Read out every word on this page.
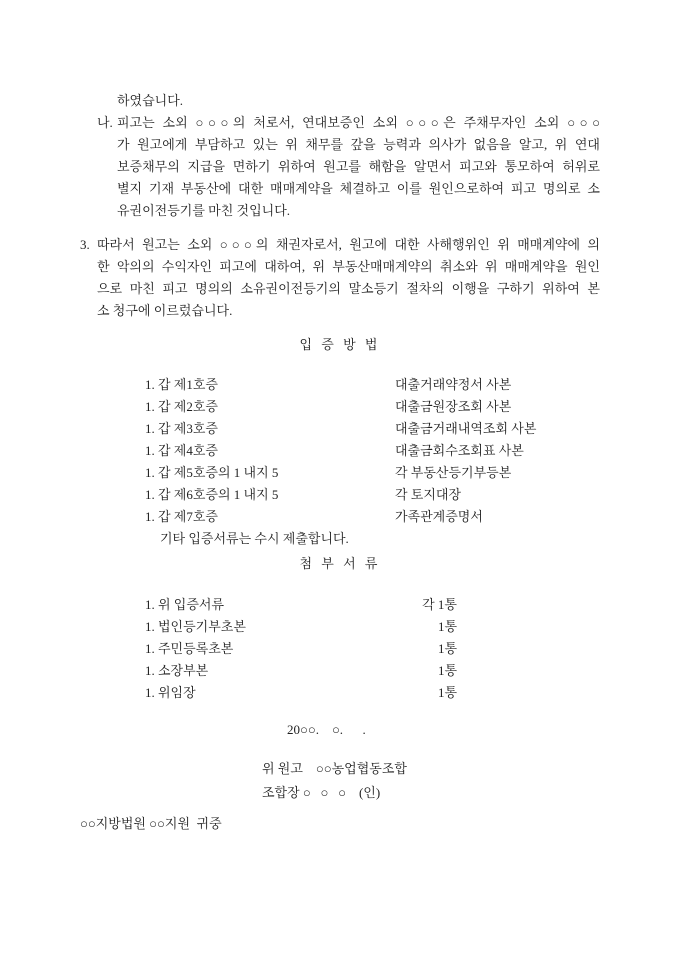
하였습니다.
나. 피고는 소외 ○○○의 처로서, 연대보증인 소외 ○○○은 주채무자인 소외 ○○○
가 원고에게 부담하고 있는 위 채무를 갚을 능력과 의사가 없음을 알고, 위 연대
보증채무의 지급을 면하기 위하여 원고를 해함을 알면서 피고와 통모하여 허위로
별지 기재 부동산에 대한 매매계약을 체결하고 이를 원인으로하여 피고 명의로 소
유권이전등기를 마친 것입니다.
3. 따라서 원고는 소외 ○○○의 채권자로서, 원고에 대한 사해행위인 위 매매계약에 의
한 악의의 수익자인 피고에 대하여, 위 부동산매매계약의 취소와 위 매매계약을 원인
으로 마친 피고 명의의 소유권이전등기의 말소등기 절차의 이행을 구하기 위하여 본
소 청구에 이르렀습니다.
입 증 방 법
1. 갑 제1호증	대출거래약정서 사본
1. 갑 제2호증	대출금원장조회 사본
1. 갑 제3호증	대출금거래내역조회 사본
1. 갑 제4호증	대출금회수조회표 사본
1. 갑 제5호증의 1 내지 5	각 부동산등기부등본
1. 갑 제6호증의 1 내지 5	각 토지대장
1. 갑 제7호증	가족관계증명서
기타 입증서류는 수시 제출합니다.
첨 부 서 류
1. 위 입증서류	각 1통
1. 법인등기부초본	1통
1. 주민등록초본	1통
1. 소장부본	1통
1. 위임장	1통
20○○.    ○.      .
위 원고    ○○농업협동조합
조합장 ○   ○   ○    (인)
○○지방법원 ○○지원  귀중
